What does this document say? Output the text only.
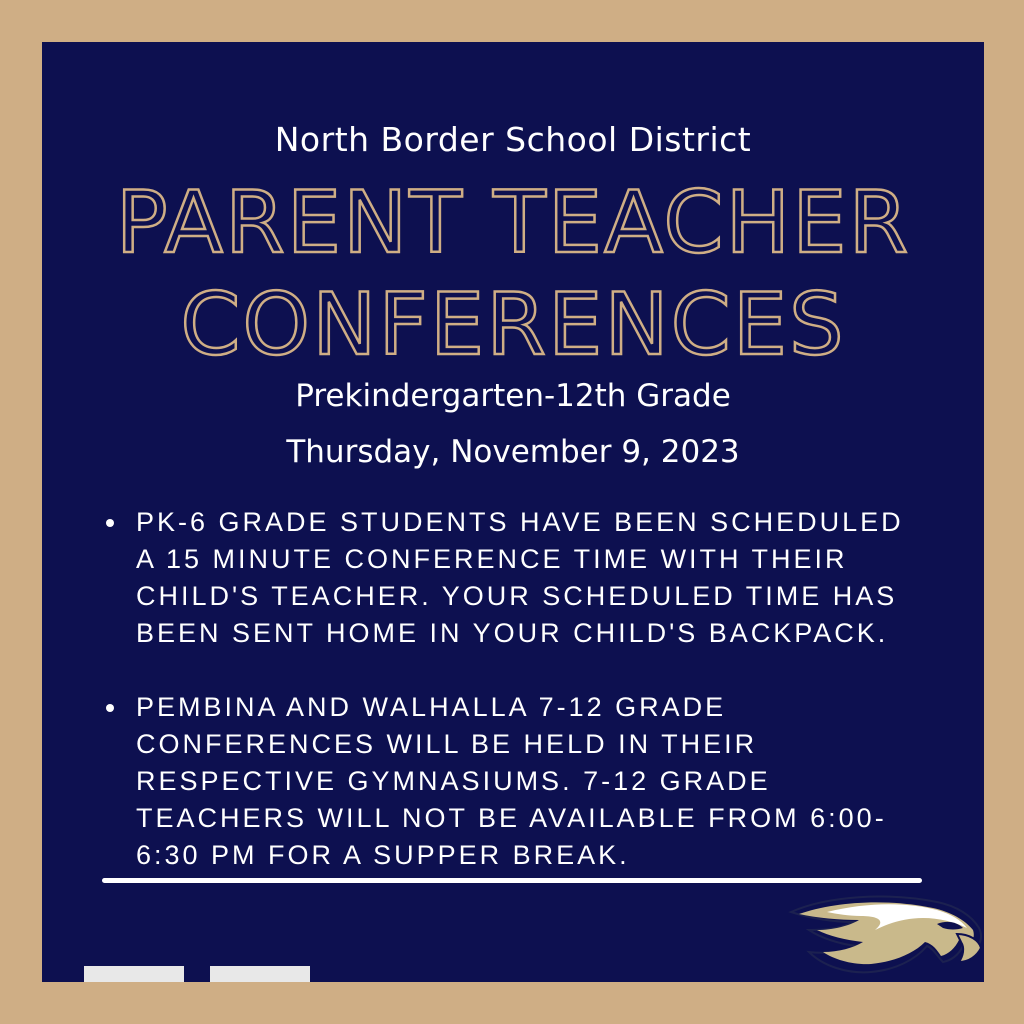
North Border School District
PARENT TEACHER
CONFERENCES
Prekindergarten-12th Grade
Thursday, November 9, 2023
PK-6 GRADE STUDENTS HAVE BEEN SCHEDULED A 15 MINUTE CONFERENCE TIME WITH THEIR CHILD'S TEACHER. YOUR SCHEDULED TIME HAS BEEN SENT HOME IN YOUR CHILD'S BACKPACK.
PEMBINA AND WALHALLA 7-12 GRADE CONFERENCES WILL BE HELD IN THEIR RESPECTIVE GYMNASIUMS. 7-12 GRADE TEACHERS WILL NOT BE AVAILABLE FROM 6:00-6:30 PM FOR A SUPPER BREAK.
